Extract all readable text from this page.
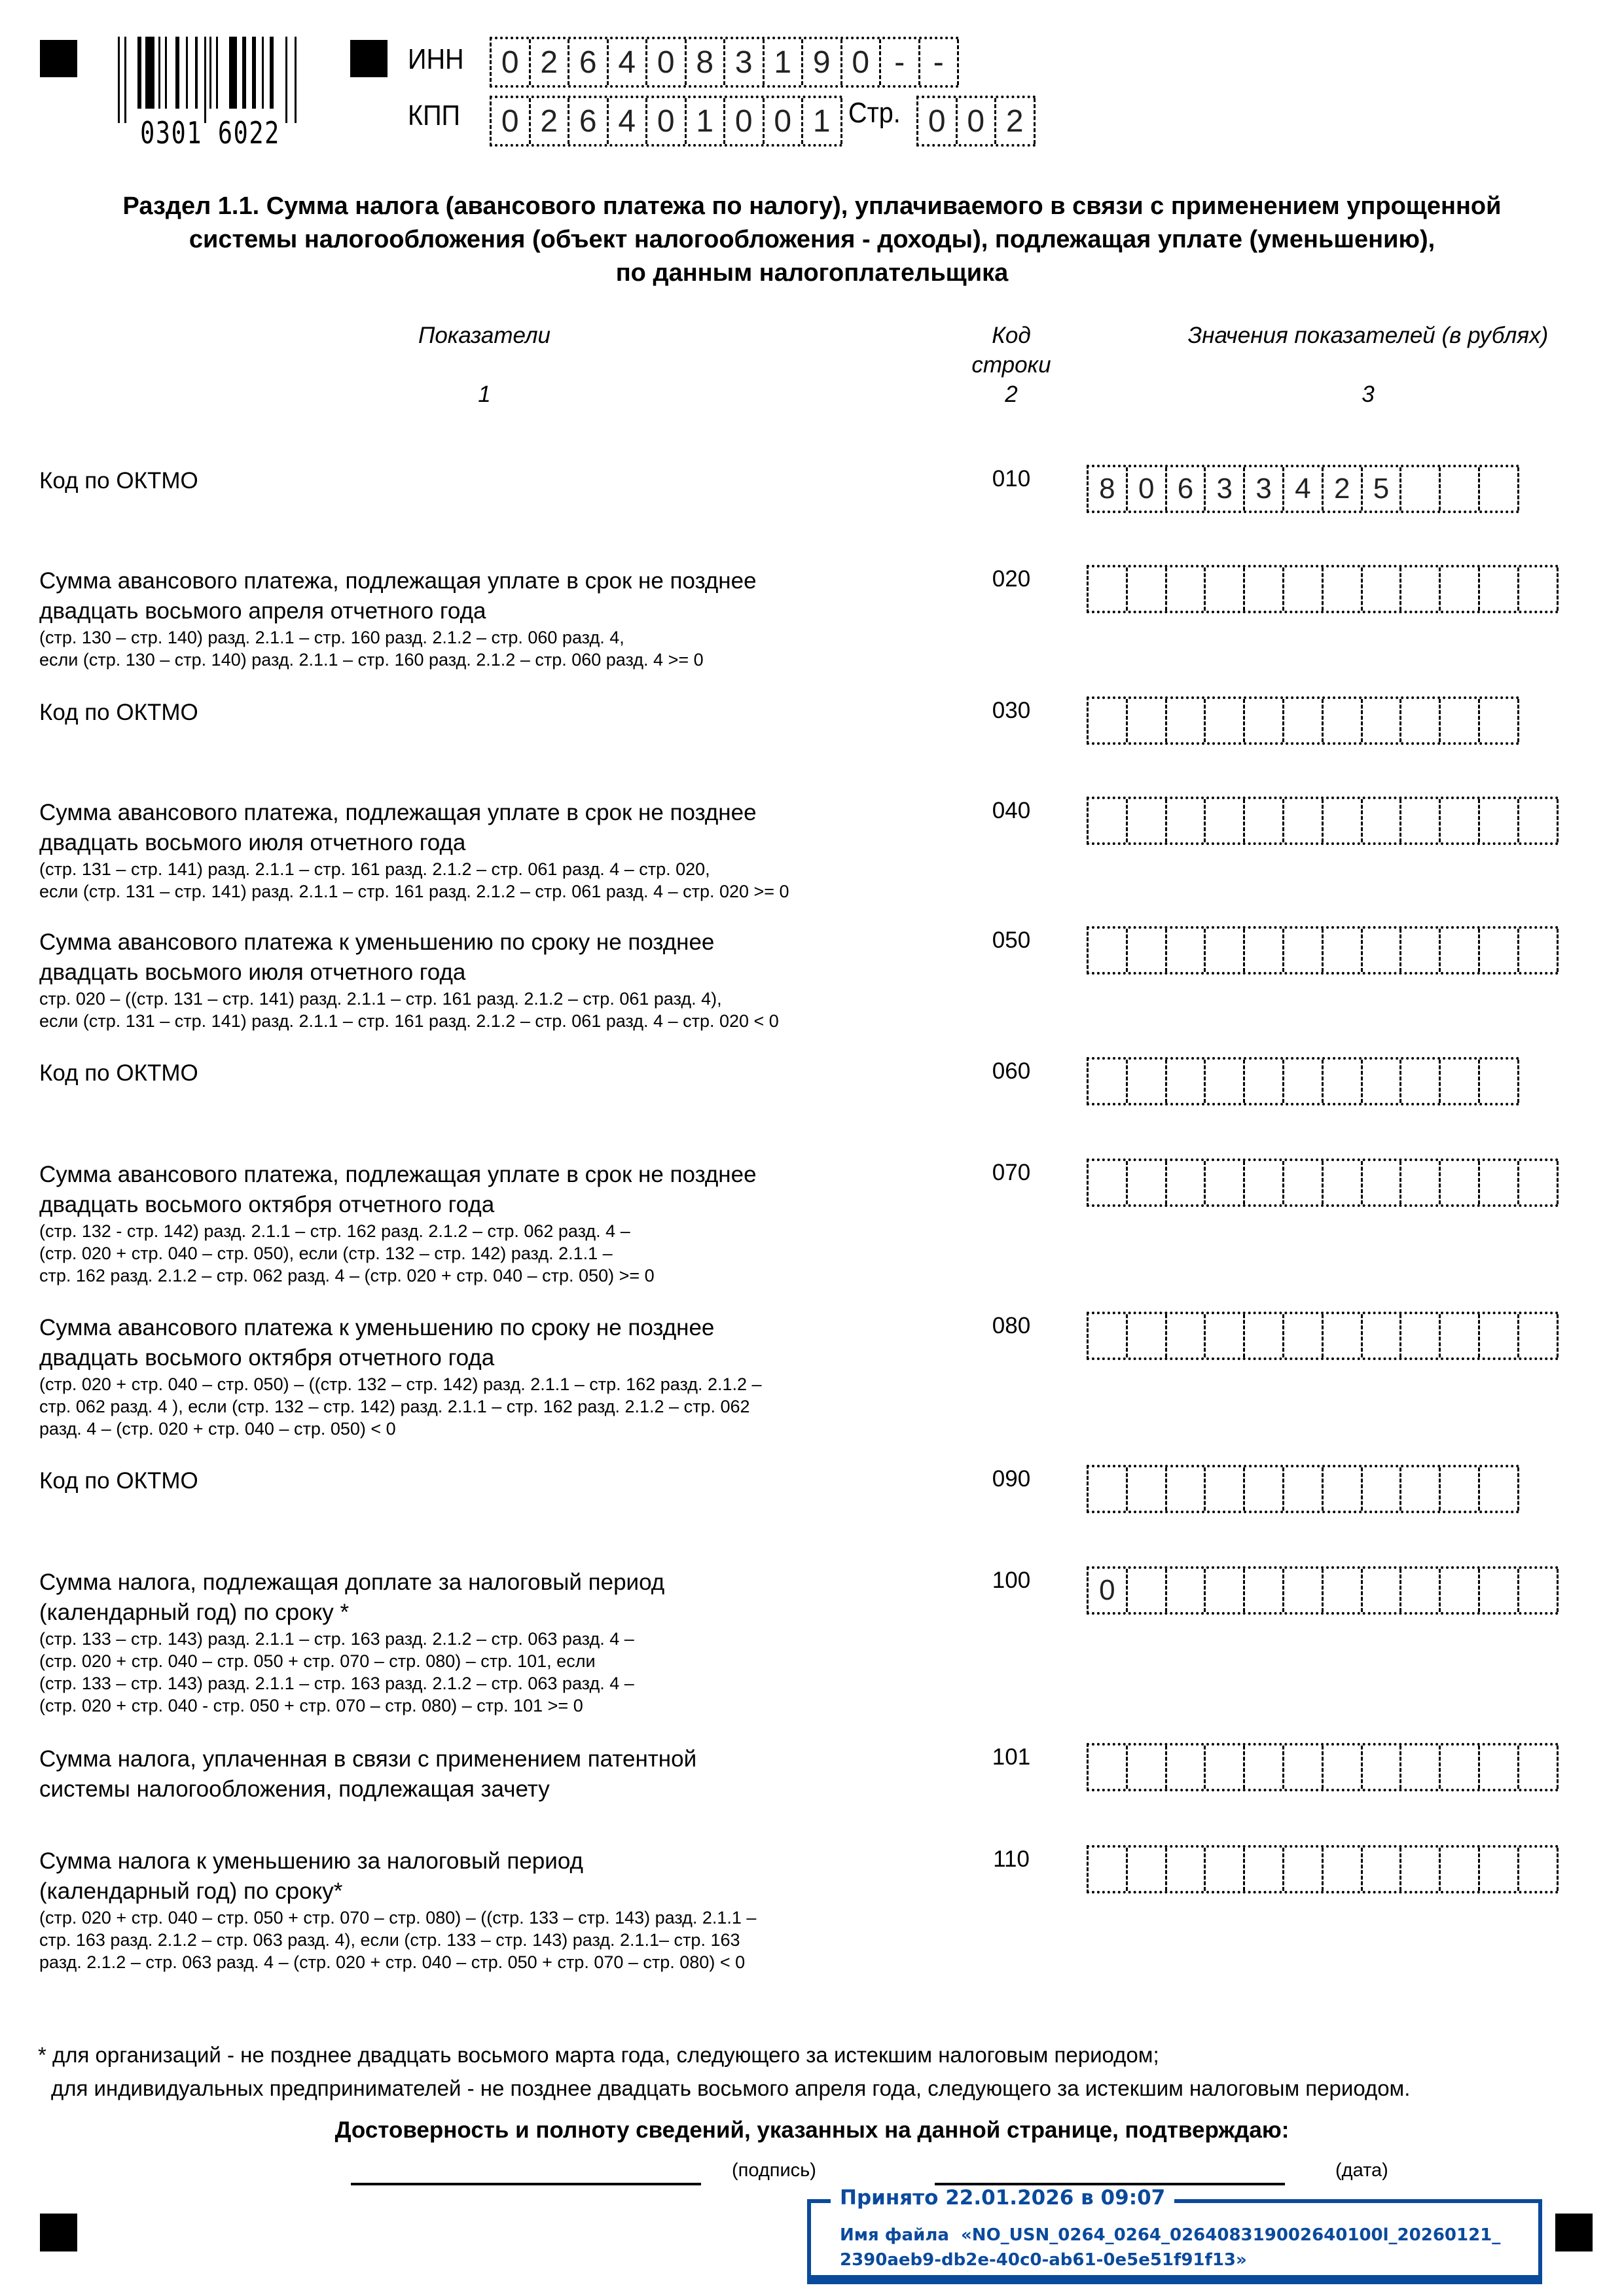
0301 6022
ИНН	0 2 6 4 0 8 3 1 9 0 - -
КПП	0 2 6 4 0 1 0 0 1 Стр. 0 0 2
Раздел 1.1. Сумма налога (авансового платежа по налогу), уплачиваемого в связи с применением упрощенной
системы налогообложения (объект налогообложения - доходы), подлежащая уплате (уменьшению),
по данным налогоплательщика
Показатели	Код
строки
Значения показателей (в рублях)
1	2	3
Код по ОКТМО	010	8 0 6 3 3 4 2 5
Сумма авансового платежа, подлежащая уплате в срок не позднее
двадцать восьмого апреля отчетного года
(стр. 130 – стр. 140) разд. 2.1.1 – стр. 160 разд. 2.1.2 – стр. 060 разд. 4,
если (стр. 130 – стр. 140) разд. 2.1.1 – стр. 160 разд. 2.1.2 – стр. 060 разд. 4 >= 0
020
Код по ОКТМО	030
Сумма авансового платежа, подлежащая уплате в срок не позднее
двадцать восьмого июля отчетного года
(стр. 131 – стр. 141) разд. 2.1.1 – стр. 161 разд. 2.1.2 – стр. 061 разд. 4 – стр. 020,
если (стр. 131 – стр. 141) разд. 2.1.1 – стр. 161 разд. 2.1.2 – стр. 061 разд. 4 – стр. 020 >= 0
040
Сумма авансового платежа к уменьшению по сроку не позднее
двадцать восьмого июля отчетного года
стр. 020 – ((стр. 131 – стр. 141) разд. 2.1.1 – стр. 161 разд. 2.1.2 – стр. 061 разд. 4),
если (стр. 131 – стр. 141) разд. 2.1.1 – стр. 161 разд. 2.1.2 – стр. 061 разд. 4 – стр. 020 < 0
050
Код по ОКТМО	060
Сумма авансового платежа, подлежащая уплате в срок не позднее
двадцать восьмого октября отчетного года
(стр. 132 - стр. 142) разд. 2.1.1 – стр. 162 разд. 2.1.2 – стр. 062 разд. 4 –
(стр. 020 + стр. 040 – стр. 050), если (стр. 132 – стр. 142) разд. 2.1.1 –
стр. 162 разд. 2.1.2 – стр. 062 разд. 4 – (стр. 020 + стр. 040 – стр. 050) >= 0
070
Сумма авансового платежа к уменьшению по сроку не позднее
двадцать восьмого октября отчетного года
(стр. 020 + стр. 040 – стр. 050) – ((стр. 132 – стр. 142) разд. 2.1.1 – стр. 162 разд. 2.1.2 –
стр. 062 разд. 4 ), если (стр. 132 – стр. 142) разд. 2.1.1 – стр. 162 разд. 2.1.2 – стр. 062
разд. 4 – (стр. 020 + стр. 040 – стр. 050) < 0
080
Код по ОКТМО	090
Сумма налога, подлежащая доплате за налоговый период
(календарный год) по сроку *
(стр. 133 – стр. 143) разд. 2.1.1 – стр. 163 разд. 2.1.2 – стр. 063 разд. 4 –
(стр. 020 + стр. 040 – стр. 050 + стр. 070 – стр. 080) – стр. 101, если
(стр. 133 – стр. 143) разд. 2.1.1 – стр. 163 разд. 2.1.2 – стр. 063 разд. 4 –
(стр. 020 + стр. 040 - стр. 050 + стр. 070 – стр. 080) – стр. 101 >= 0
100	0
Сумма налога, уплаченная в связи с применением патентной
системы налогообложения, подлежащая зачету
101
Сумма налога к уменьшению за налоговый период
(календарный год) по сроку*
(стр. 020 + стр. 040 – стр. 050 + стр. 070 – стр. 080) – ((стр. 133 – стр. 143) разд. 2.1.1 –
стр. 163 разд. 2.1.2 – стр. 063 разд. 4), если (стр. 133 – стр. 143) разд. 2.1.1– стр. 163
разд. 2.1.2 – стр. 063 разд. 4 – (стр. 020 + стр. 040 – стр. 050 + стр. 070 – стр. 080) < 0
110
* для организаций - не позднее двадцать восьмого марта года, следующего за истекшим налоговым периодом;
для индивидуальных предпринимателей - не позднее двадцать восьмого апреля года, следующего за истекшим налоговым периодом.
Достоверность и полноту сведений, указанных на данной странице, подтверждаю:
(подпись)	(дата)
Принято 22.01.2026 в 09:07
Имя файла «NO_USN_0264_0264_026408319002640100l_20260121_
2390aeb9-db2e-40c0-ab61-0e5e51f91f13»
